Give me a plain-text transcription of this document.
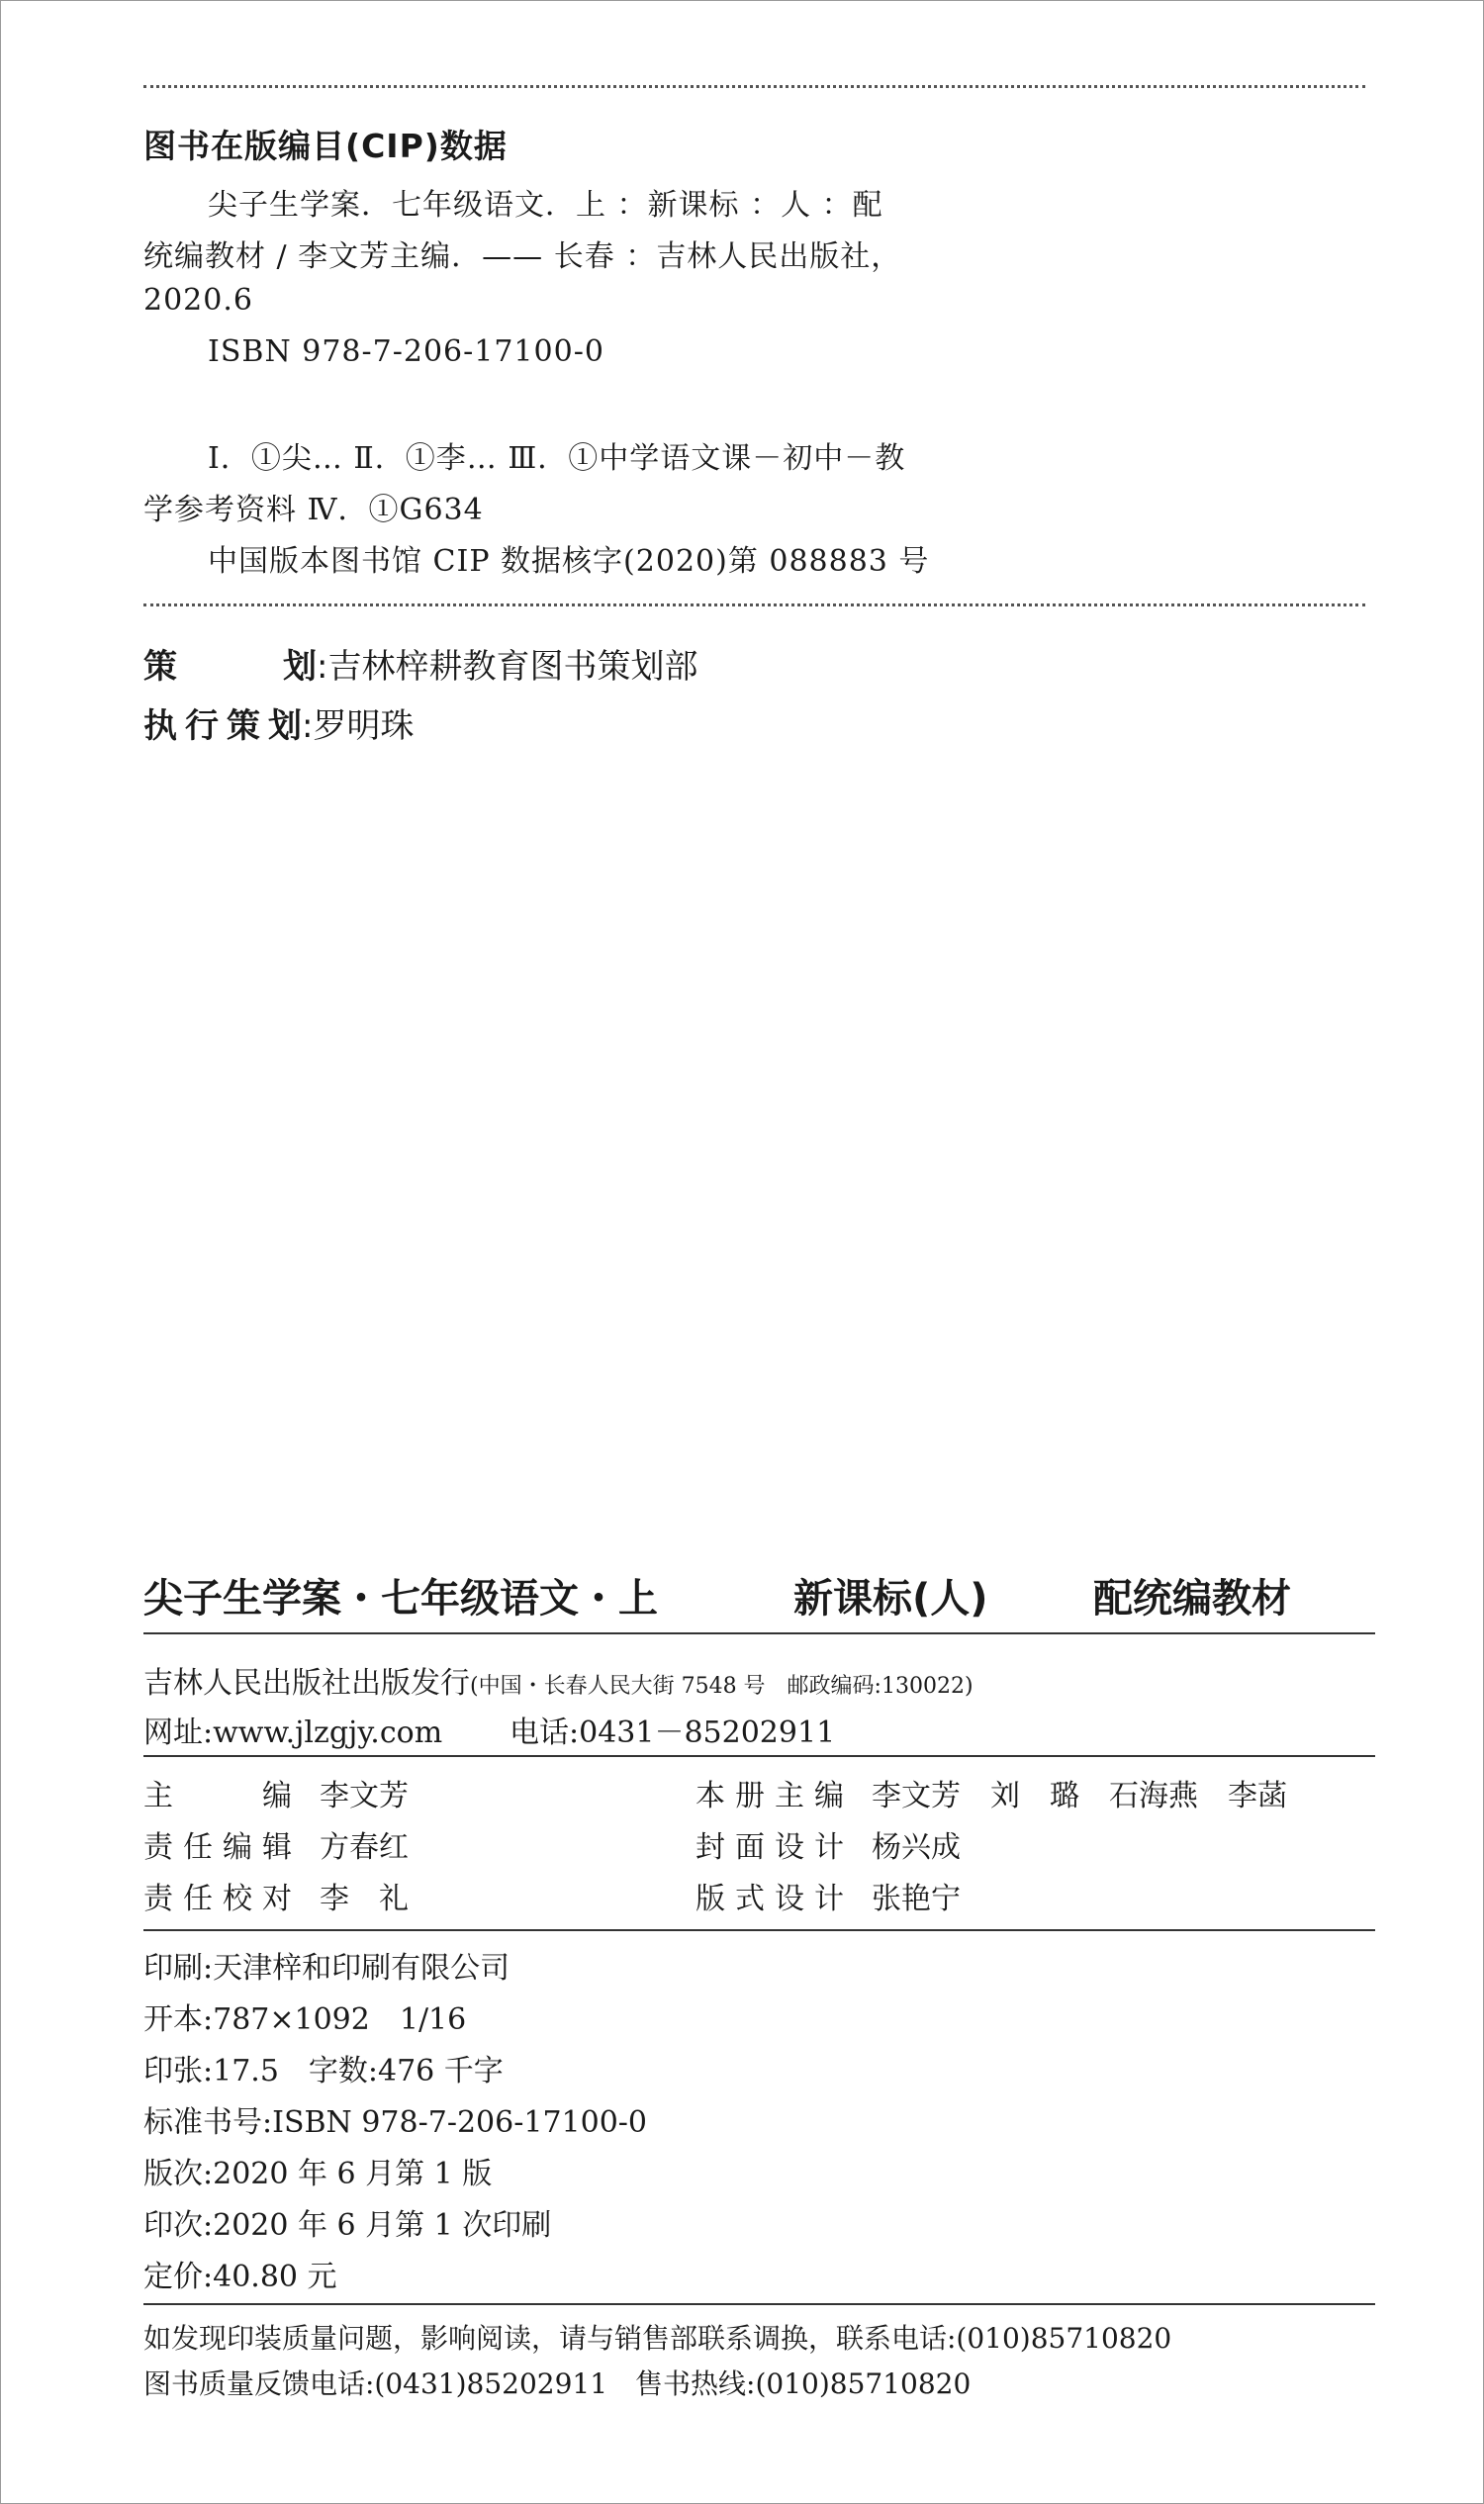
图书在版编目(CIP)数据
尖子生学案．七年级语文．上 ：新课标 ：人 ：配
统编教材 / 李文芳主编．—— 长春 ：吉林人民出版社，
2020.6
ISBN 978-7-206-17100-0
Ⅰ．①尖… Ⅱ．①李… Ⅲ．①中学语文课－初中－教
学参考资料 Ⅳ．①G634
中国版本图书馆 CIP 数据核字(2020)第 088883 号
策划:吉林梓耕教育图书策划部
执行策划:罗明珠
尖子生学案・七年级语文・上	新课标(人)	配统编教材
吉林人民出版社出版发行(中国・长春人民大街 7548 号　邮政编码:130022)
网址:www.jlzgjy.com 电话:0431－85202911
主编 李文芳
责任编辑 方春红
责任校对 李　礼
本册主编 李文芳　刘　璐　石海燕　李菡
封面设计 杨兴成
版式设计 张艳宁
印刷:天津梓和印刷有限公司
开本:787×1092　1/16
印张:17.5　字数:476 千字
标准书号:ISBN 978-7-206-17100-0
版次:2020 年 6 月第 1 版
印次:2020 年 6 月第 1 次印刷
定价:40.80 元
如发现印装质量问题，影响阅读，请与销售部联系调换，联系电话:(010)85710820
图书质量反馈电话:(0431)85202911　售书热线:(010)85710820
